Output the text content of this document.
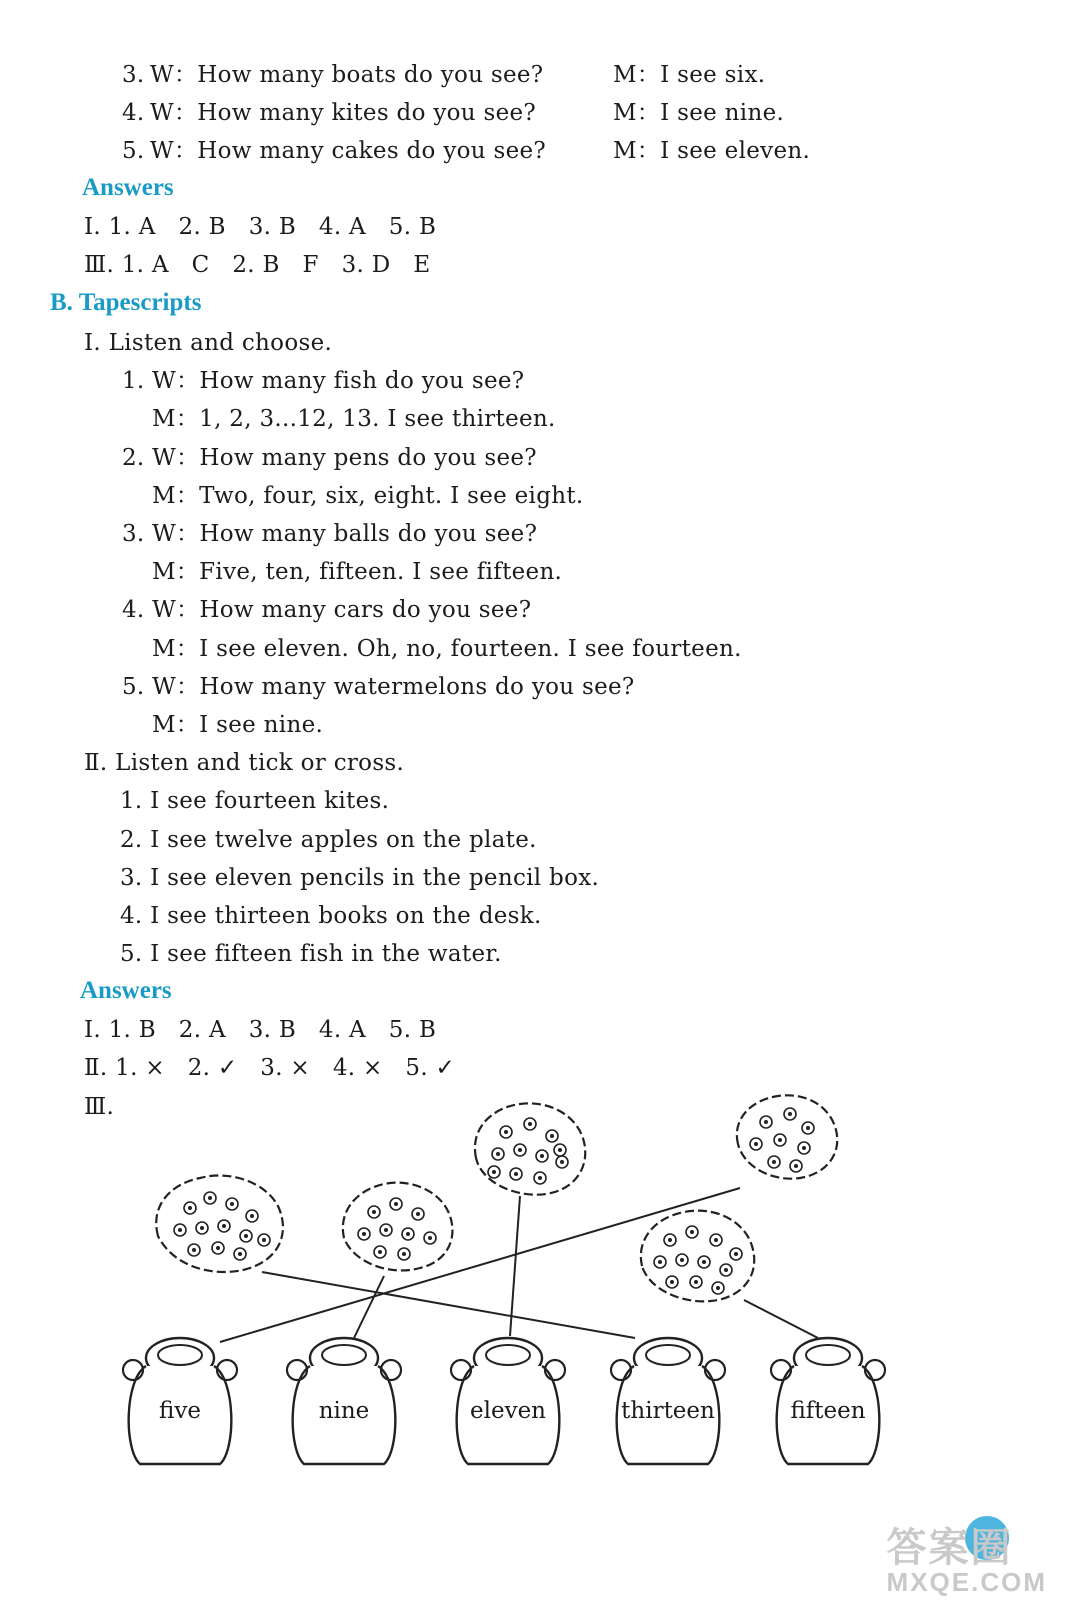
3. W：How many boats do you see?	M：I see six.
4. W：How many kites do you see?	M：I see nine.
5. W：How many cakes do you see?	M：I see eleven.
Answers
Ⅰ. 1. A   2. B   3. B   4. A   5. B
Ⅲ. 1. A   C   2. B   F   3. D   E
B. Tapescripts
Ⅰ. Listen and choose.
1. W：How many fish do you see?
M：1, 2, 3...12, 13. I see thirteen.
2. W：How many pens do you see?
M：Two, four, six, eight. I see eight.
3. W：How many balls do you see?
M：Five, ten, fifteen. I see fifteen.
4. W：How many cars do you see?
M：I see eleven. Oh, no, fourteen. I see fourteen.
5. W：How many watermelons do you see?
M：I see nine.
Ⅱ. Listen and tick or cross.
1. I see fourteen kites.
2. I see twelve apples on the plate.
3. I see eleven pencils in the pencil box.
4. I see thirteen books on the desk.
5. I see fifteen fish in the water.
Answers
Ⅰ. 1. B   2. A   3. B   4. A   5. B
Ⅱ. 1. ×   2. ✓   3. ×   4. ×   5. ✓
Ⅲ.
five	nine	eleven	thirteen	fifteen
答案圈
MXQE.COM
